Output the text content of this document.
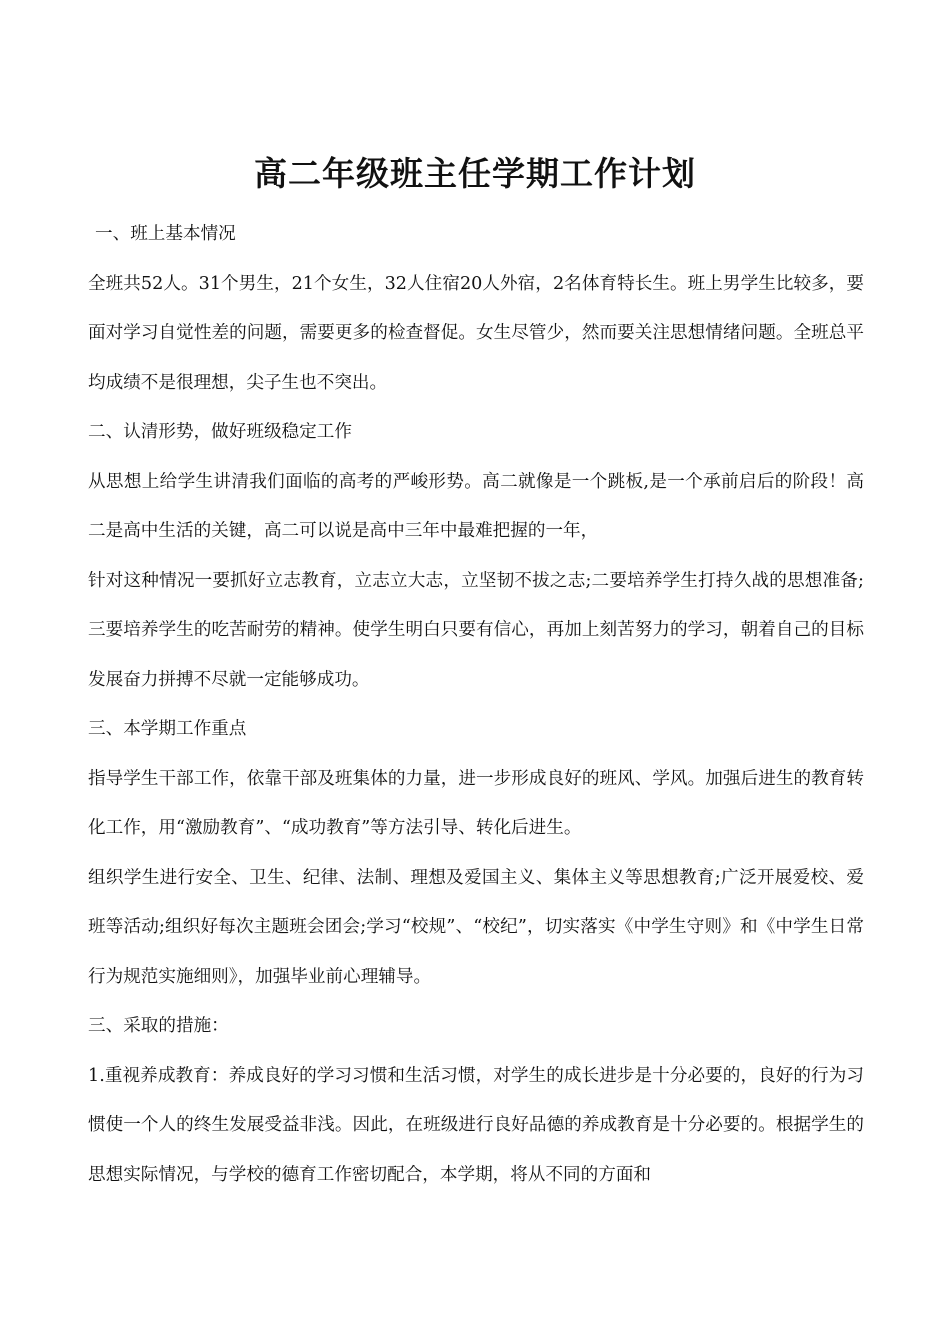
高二年级班主任学期工作计划

一、班上基本情况

全班共52人。31个男生，21个女生，32人住宿20人外宿，2名体育特长生。班上男学生比较多，要面对学习自觉性差的问题，需要更多的检查督促。女生尽管少，然而要关注思想情绪问题。全班总平均成绩不是很理想，尖子生也不突出。

二、认清形势，做好班级稳定工作

从思想上给学生讲清我们面临的高考的严峻形势。高二就像是一个跳板,是一个承前启后的阶段！高二是高中生活的关键，高二可以说是高中三年中最难把握的一年，

针对这种情况一要抓好立志教育，立志立大志，立坚韧不拔之志;二要培养学生打持久战的思想准备;三要培养学生的吃苦耐劳的精神。使学生明白只要有信心，再加上刻苦努力的学习，朝着自己的目标发展奋力拼搏不尽就一定能够成功。

三、本学期工作重点

指导学生干部工作，依靠干部及班集体的力量，进一步形成良好的班风、学风。加强后进生的教育转化工作，用“激励教育”、“成功教育”等方法引导、转化后进生。

组织学生进行安全、卫生、纪律、法制、理想及爱国主义、集体主义等思想教育;广泛开展爱校、爱班等活动;组织好每次主题班会团会;学习“校规”、“校纪”，切实落实《中学生守则》和《中学生日常行为规范实施细则》，加强毕业前心理辅导。

三、采取的措施：

1.重视养成教育：养成良好的学习习惯和生活习惯，对学生的成长进步是十分必要的，良好的行为习惯使一个人的终生发展受益非浅。因此，在班级进行良好品德的养成教育是十分必要的。根据学生的思想实际情况，与学校的德育工作密切配合，本学期，将从不同的方面和
